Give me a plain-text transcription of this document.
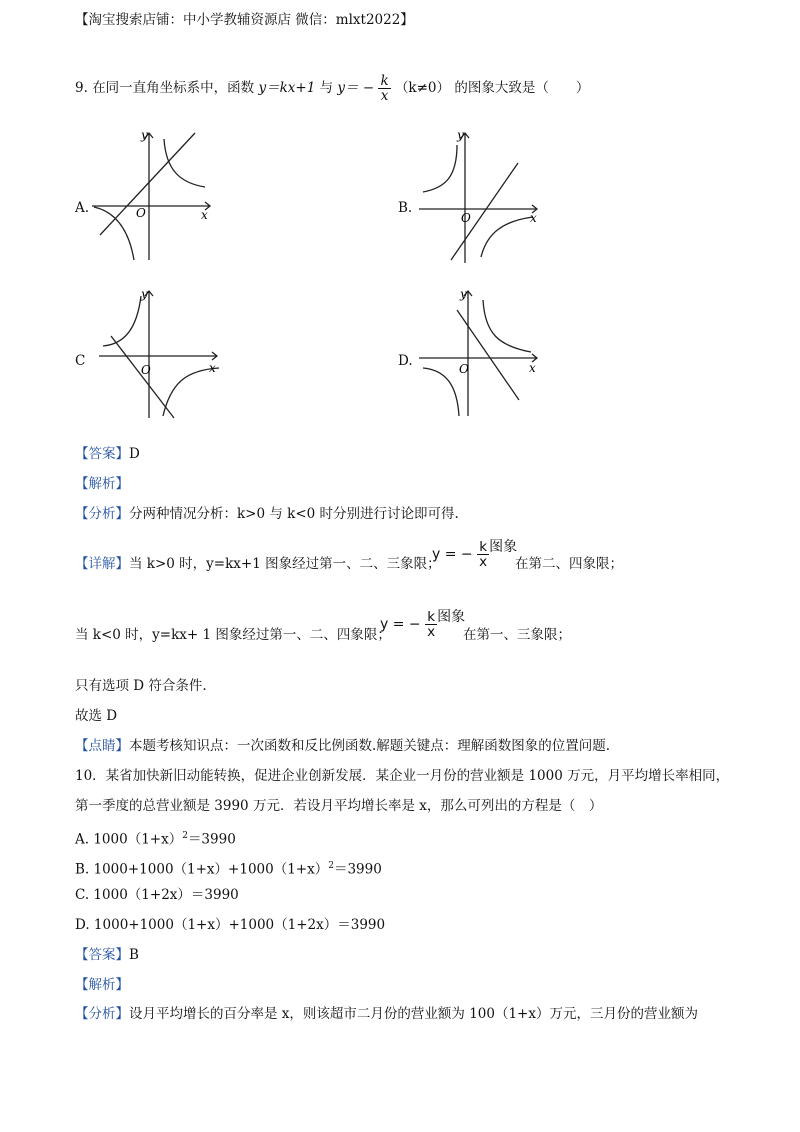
【淘宝搜索店铺：中小学教辅资源店 微信：mlxt2022】
9. 在同一直角坐标系中，函数 y＝kx+1 与 $y= - \frac{k}{x} (k\ne 0)$ 的图象大致是（　　）
A.	B.
C	D.
y
x
O
y
x
O
y
x
O
y
x
O
【答案】D
【解析】
【分析】分两种情况分析：k>0 与 k<0 时分别进行讨论即可得.
【详解】当 k>0 时，y=kx+1 图象经过第一、二、三象限；
y = − $\frac{k}{x}$ 图象
在第二、四象限；
当 k<0 时，y=kx+ 1 图象经过第一、二、四象限；
y = − $\frac{k}{x}$ 图象
在第一、三象限；
只有选项 D 符合条件.
故选 D
【点睛】本题考核知识点：一次函数和反比例函数.解题关键点：理解函数图象的位置问题.
10．某省加快新旧动能转换，促进企业创新发展．某企业一月份的营业额是 1000 万元，月平均增长率相同，
第一季度的总营业额是 3990 万元．若设月平均增长率是 x，那么可列出的方程是（　）
A. $1000(1+x)^2=3990$
B. $1000+1000(1+x)+1000(1+x)^2=3990$
C. 1000（1+2x）＝3990
D. 1000+1000（1+x）+1000（1+2x）＝3990
【答案】B
【解析】
【分析】设月平均增长的百分率是 x，则该超市二月份的营业额为 100（1+x）万元，三月份的营业额为
